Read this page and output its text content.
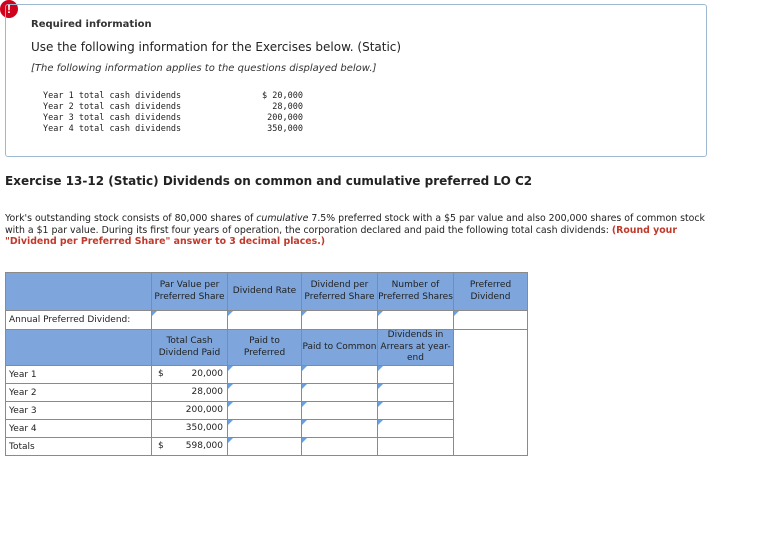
!
Required information
Use the following information for the Exercises below. (Static)
[The following information applies to the questions displayed below.]
Year 1 total cash dividends	$ 20,000
Year 2 total cash dividends	28,000
Year 3 total cash dividends	200,000
Year 4 total cash dividends	350,000
Exercise 13-12 (Static) Dividends on common and cumulative preferred LO C2
York's outstanding stock consists of 80,000 shares of cumulative 7.5% preferred stock with a $5 par value and also 200,000 shares of common stock with a $1 par value. During its first four years of operation, the corporation declared and paid the following total cash dividends: (Round your "Dividend per Preferred Share" answer to 3 decimal places.)
	Par Value per Preferred Share	Dividend Rate	Dividend per Preferred Share	Number of Preferred Shares	Preferred Dividend
Annual Preferred Dividend:					
	Total Cash Dividend Paid	Paid to Preferred	Paid to Common	Dividends in Arrears at year-end	
Year 1	$ 20,000				

Year 2	28,000				

Year 3	200,000				

Year 4	350,000				

Totals	$ 598,000				
